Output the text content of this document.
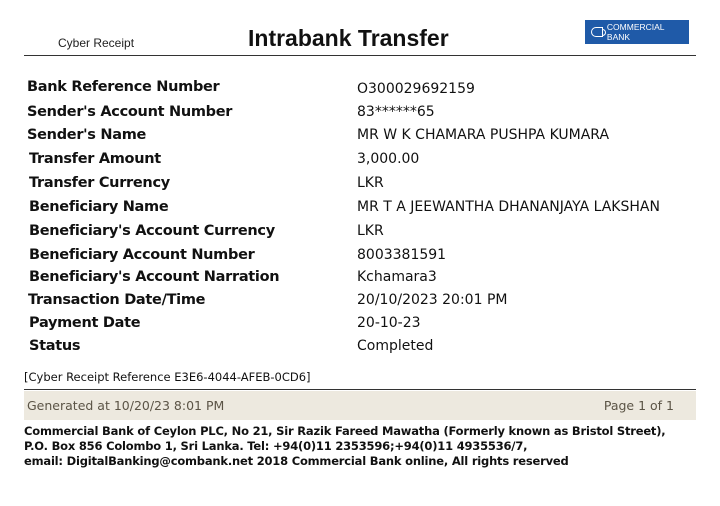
Cyber Receipt	Intrabank Transfer	COMMERCIAL BANK
Bank Reference Number	O300029692159
Sender's Account Number	83******65
Sender's Name	MR W K CHAMARA PUSHPA KUMARA
Transfer Amount	3,000.00
Transfer Currency	LKR
Beneficiary Name	MR T A JEEWANTHA DHANANJAYA LAKSHAN
Beneficiary's Account Currency	LKR
Beneficiary Account Number	8003381591
Beneficiary's Account Narration	Kchamara3
Transaction Date/Time	20/10/2023 20:01 PM
Payment Date	20-10-23
Status	Completed
[Cyber Receipt Reference E3E6-4044-AFEB-0CD6]
Generated at 10/20/23 8:01 PM	Page 1 of 1
Commercial Bank of Ceylon PLC, No 21, Sir Razik Fareed Mawatha (Formerly known as Bristol Street),
P.O. Box 856 Colombo 1, Sri Lanka. Tel: +94(0)11 2353596;+94(0)11 4935536/7,
email: DigitalBanking@combank.net 2018 Commercial Bank online, All rights reserved
